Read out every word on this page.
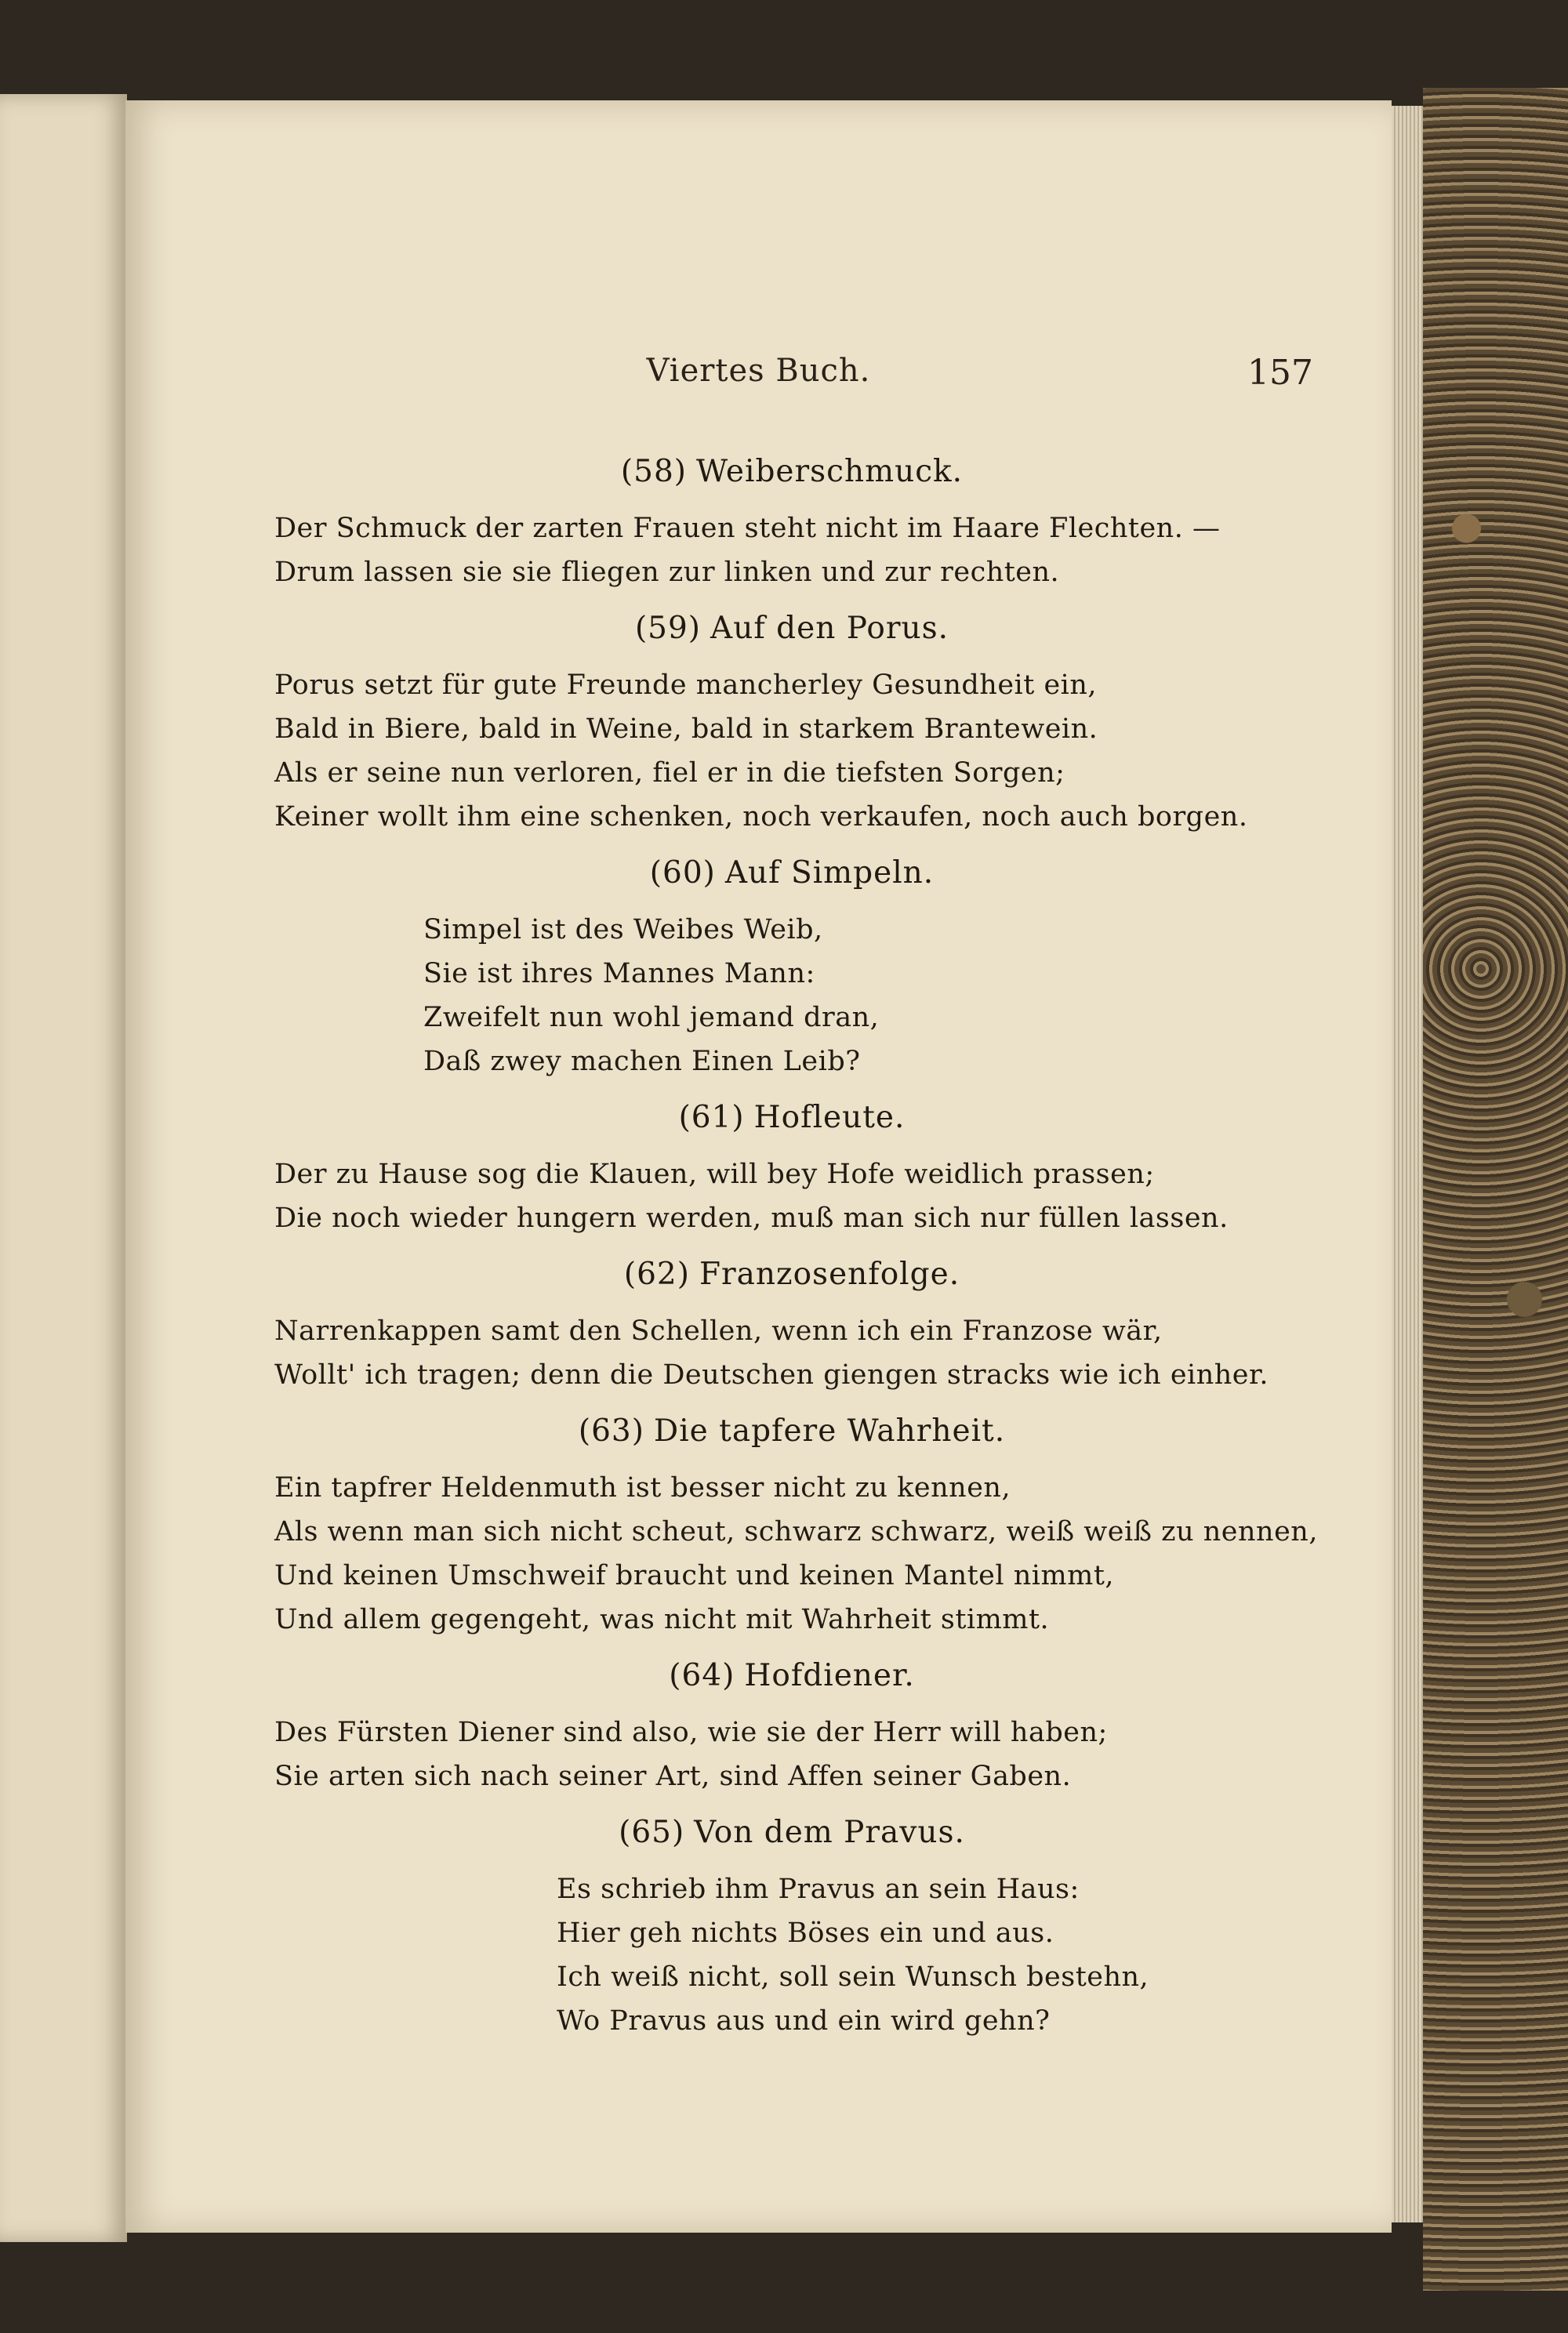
Viertes Buch.	157
(58) Weiberschmuck.
Der Schmuck der zarten Frauen steht nicht im Haare Flechten. —
Drum lassen sie sie fliegen zur linken und zur rechten.
(59) Auf den Porus.
Porus setzt für gute Freunde mancherley Gesundheit ein,
Bald in Biere, bald in Weine, bald in starkem Brantewein.
Als er seine nun verloren, fiel er in die tiefsten Sorgen;
Keiner wollt ihm eine schenken, noch verkaufen, noch auch borgen.
(60) Auf Simpeln.
Simpel ist des Weibes Weib,
Sie ist ihres Mannes Mann:
Zweifelt nun wohl jemand dran,
Daß zwey machen Einen Leib?
(61) Hofleute.
Der zu Hause sog die Klauen, will bey Hofe weidlich prassen;
Die noch wieder hungern werden, muß man sich nur füllen lassen.
(62) Franzosenfolge.
Narrenkappen samt den Schellen, wenn ich ein Franzose wär,
Wollt' ich tragen; denn die Deutschen giengen stracks wie ich einher.
(63) Die tapfere Wahrheit.
Ein tapfrer Heldenmuth ist besser nicht zu kennen,
Als wenn man sich nicht scheut, schwarz schwarz, weiß weiß zu nennen,
Und keinen Umschweif braucht und keinen Mantel nimmt,
Und allem gegengeht, was nicht mit Wahrheit stimmt.
(64) Hofdiener.
Des Fürsten Diener sind also, wie sie der Herr will haben;
Sie arten sich nach seiner Art, sind Affen seiner Gaben.
(65) Von dem Pravus.
Es schrieb ihm Pravus an sein Haus:
Hier geh nichts Böses ein und aus.
Ich weiß nicht, soll sein Wunsch bestehn,
Wo Pravus aus und ein wird gehn?
